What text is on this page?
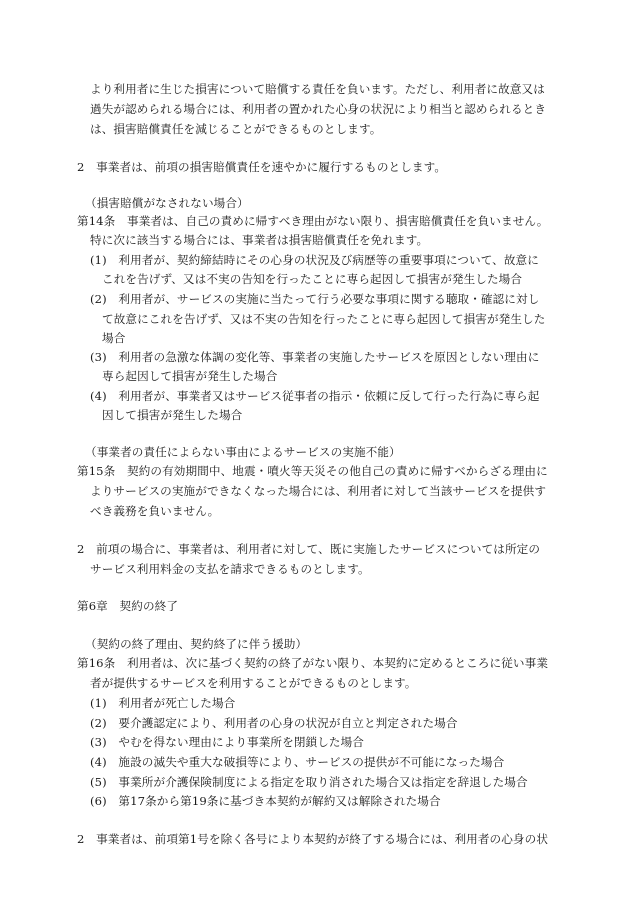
より利用者に生じた損害について賠償する責任を負います。ただし、利用者に故意又は
過失が認められる場合には、利用者の置かれた心身の状況により相当と認められるとき
は、損害賠償責任を減じることができるものとします。
2　事業者は、前項の損害賠償責任を速やかに履行するものとします。
（損害賠償がなされない場合）
第14条　事業者は、自己の責めに帰すべき理由がない限り、損害賠償責任を負いません。
特に次に該当する場合には、事業者は損害賠償責任を免れます。
(1)　利用者が、契約締結時にその心身の状況及び病歴等の重要事項について、故意に
これを告げず、又は不実の告知を行ったことに専ら起因して損害が発生した場合
(2)　利用者が、サービスの実施に当たって行う必要な事項に関する聴取・確認に対し
て故意にこれを告げず、又は不実の告知を行ったことに専ら起因して損害が発生した
場合
(3)　利用者の急激な体調の変化等、事業者の実施したサービスを原因としない理由に
専ら起因して損害が発生した場合
(4)　利用者が、事業者又はサービス従事者の指示・依頼に反して行った行為に専ら起
因して損害が発生した場合
（事業者の責任によらない事由によるサービスの実施不能）
第15条　契約の有効期間中、地震・噴火等天災その他自己の責めに帰すべからざる理由に
よりサービスの実施ができなくなった場合には、利用者に対して当該サービスを提供す
べき義務を負いません。
2　前項の場合に、事業者は、利用者に対して、既に実施したサービスについては所定の
サービス利用料金の支払を請求できるものとします。
第6章　契約の終了
（契約の終了理由、契約終了に伴う援助）
第16条　利用者は、次に基づく契約の終了がない限り、本契約に定めるところに従い事業
者が提供するサービスを利用することができるものとします。
(1)　利用者が死亡した場合
(2)　要介護認定により、利用者の心身の状況が自立と判定された場合
(3)　やむを得ない理由により事業所を閉鎖した場合
(4)　施設の滅失や重大な破損等により、サービスの提供が不可能になった場合
(5)　事業所が介護保険制度による指定を取り消された場合又は指定を辞退した場合
(6)　第17条から第19条に基づき本契約が解約又は解除された場合
2　事業者は、前項第1号を除く各号により本契約が終了する場合には、利用者の心身の状
